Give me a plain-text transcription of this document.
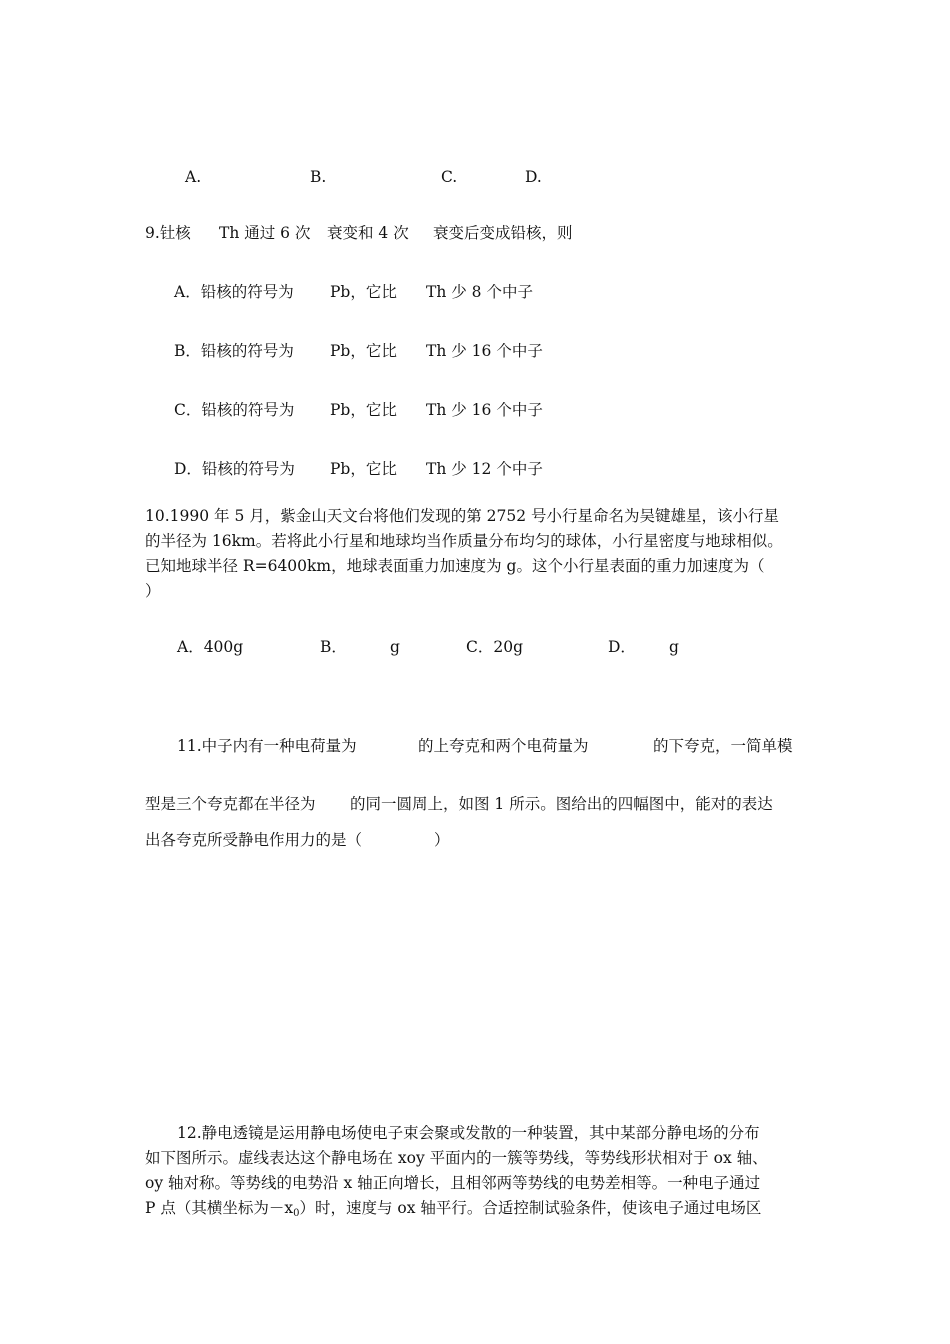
A.	B.	C.	D.
9.钍核 Th 通过 6 次 衰变和 4 次 衰变后变成铅核，则
A．铅核的符号为 Pb，它比 Th 少 8 个中子
B．铅核的符号为 Pb，它比 Th 少 16 个中子
C．铅核的符号为 Pb，它比 Th 少 16 个中子
D．铅核的符号为 Pb，它比 Th 少 12 个中子
10.1990 年 5 月，紫金山天文台将他们发现的第 2752 号小行星命名为吴键雄星，该小行星
的半径为 16km。若将此小行星和地球均当作质量分布均匀的球体，小行星密度与地球相似。
已知地球半径 R=6400km，地球表面重力加速度为 g。这个小行星表面的重力加速度为（
）
A．400g	B．	g	C．20g	D． g
11.中子内有一种电荷量为	的上夸克和两个电荷量为	的下夸克，一简单模
型是三个夸克都在半径为 的同一圆周上，如图 1 所示。图给出的四幅图中，能对的表达
出各夸克所受静电作用力的是（	）
12.静电透镜是运用静电场使电子束会聚或发散的一种装置，其中某部分静电场的分布
如下图所示。虚线表达这个静电场在 xoy 平面内的一簇等势线，等势线形状相对于 ox 轴、
oy 轴对称。等势线的电势沿 x 轴正向增长，且相邻两等势线的电势差相等。一种电子通过
P 点（其横坐标为$-x_0$）时，速度与 ox 轴平行。合适控制试验条件，使该电子通过电场区
